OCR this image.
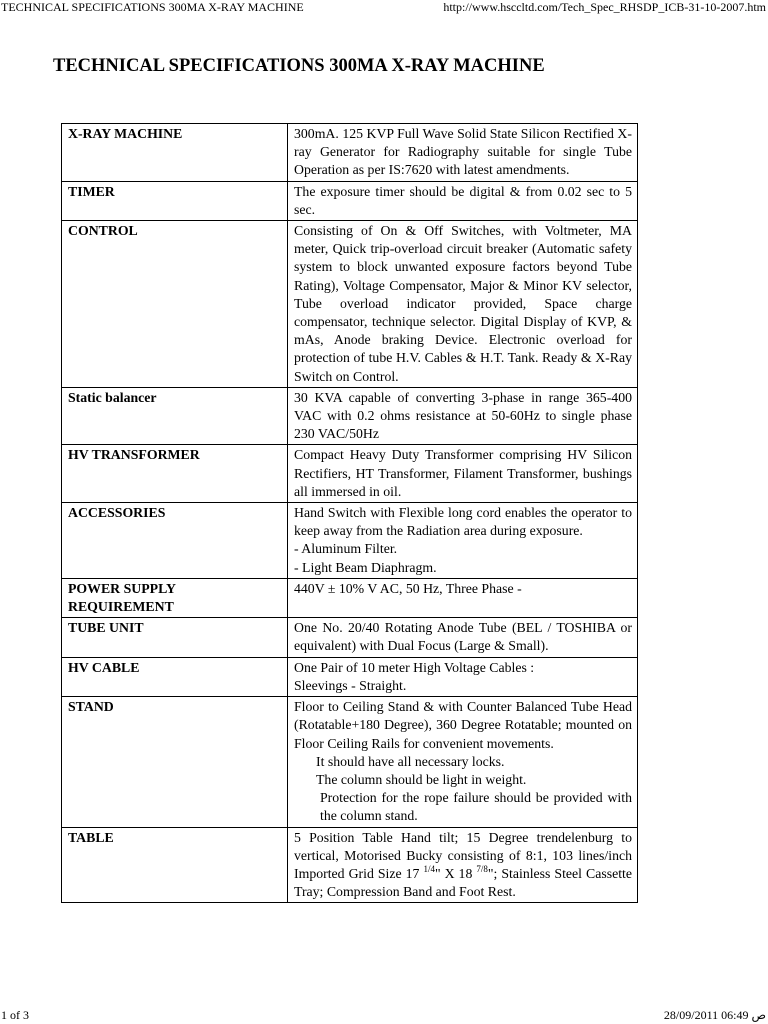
TECHNICAL SPECIFICATIONS 300MA X-RAY MACHINE	http://www.hsccltd.com/Tech_Spec_RHSDP_ICB-31-10-2007.htm
TECHNICAL SPECIFICATIONS 300MA X-RAY MACHINE
X-RAY MACHINE	300mA. 125 KVP Full Wave Solid State Silicon Rectified X-ray Generator for Radiography suitable for single Tube Operation as per IS:7620 with latest amendments.
TIMER	The exposure timer should be digital & from 0.02 sec to 5 sec.
CONTROL	Consisting of On & Off Switches, with Voltmeter, MA meter, Quick trip-overload circuit breaker (Automatic safety system to block unwanted exposure factors beyond Tube Rating), Voltage Compensator, Major & Minor KV selector, Tube overload indicator provided, Space charge compensator, technique selector. Digital Display of KVP, & mAs, Anode braking Device. Electronic overload for protection of tube H.V. Cables & H.T. Tank. Ready & X-Ray Switch on Control.
Static balancer	30 KVA capable of converting 3-phase in range 365-400 VAC with 0.2 ohms resistance at 50-60Hz to single phase 230 VAC/50Hz
HV TRANSFORMER	Compact Heavy Duty Transformer comprising HV Silicon Rectifiers, HT Transformer, Filament Transformer, bushings all immersed in oil.
ACCESSORIES	Hand Switch with Flexible long cord enables the operator to keep away from the Radiation area during exposure.
- Aluminum Filter.
- Light Beam Diaphragm.

POWER SUPPLY REQUIREMENT	440V ± 10% V AC, 50 Hz, Three Phase -
TUBE UNIT	One No. 20/40 Rotating Anode Tube (BEL / TOSHIBA or equivalent) with Dual Focus (Large & Small).
HV CABLE	One Pair of 10 meter High Voltage Cables :
Sleevings - Straight.

STAND	Floor to Ceiling Stand & with Counter Balanced Tube Head (Rotatable+180 Degree), 360 Degree Rotatable; mounted on Floor Ceiling Rails for convenient movements.
It should have all necessary locks.
The column should be light in weight.
Protection for the rope failure should be provided with the column stand.

TABLE	5 Position Table Hand tilt; 15 Degree trendelenburg to vertical, Motorised Bucky consisting of 8:1, 103 lines/inch Imported Grid Size 17 $^{1/4}$" X 18 $^{7/8}$"; Stainless Steel Cassette Tray; Compression Band and Foot Rest.
1 of 3	28/09/2011 06:49 ص
